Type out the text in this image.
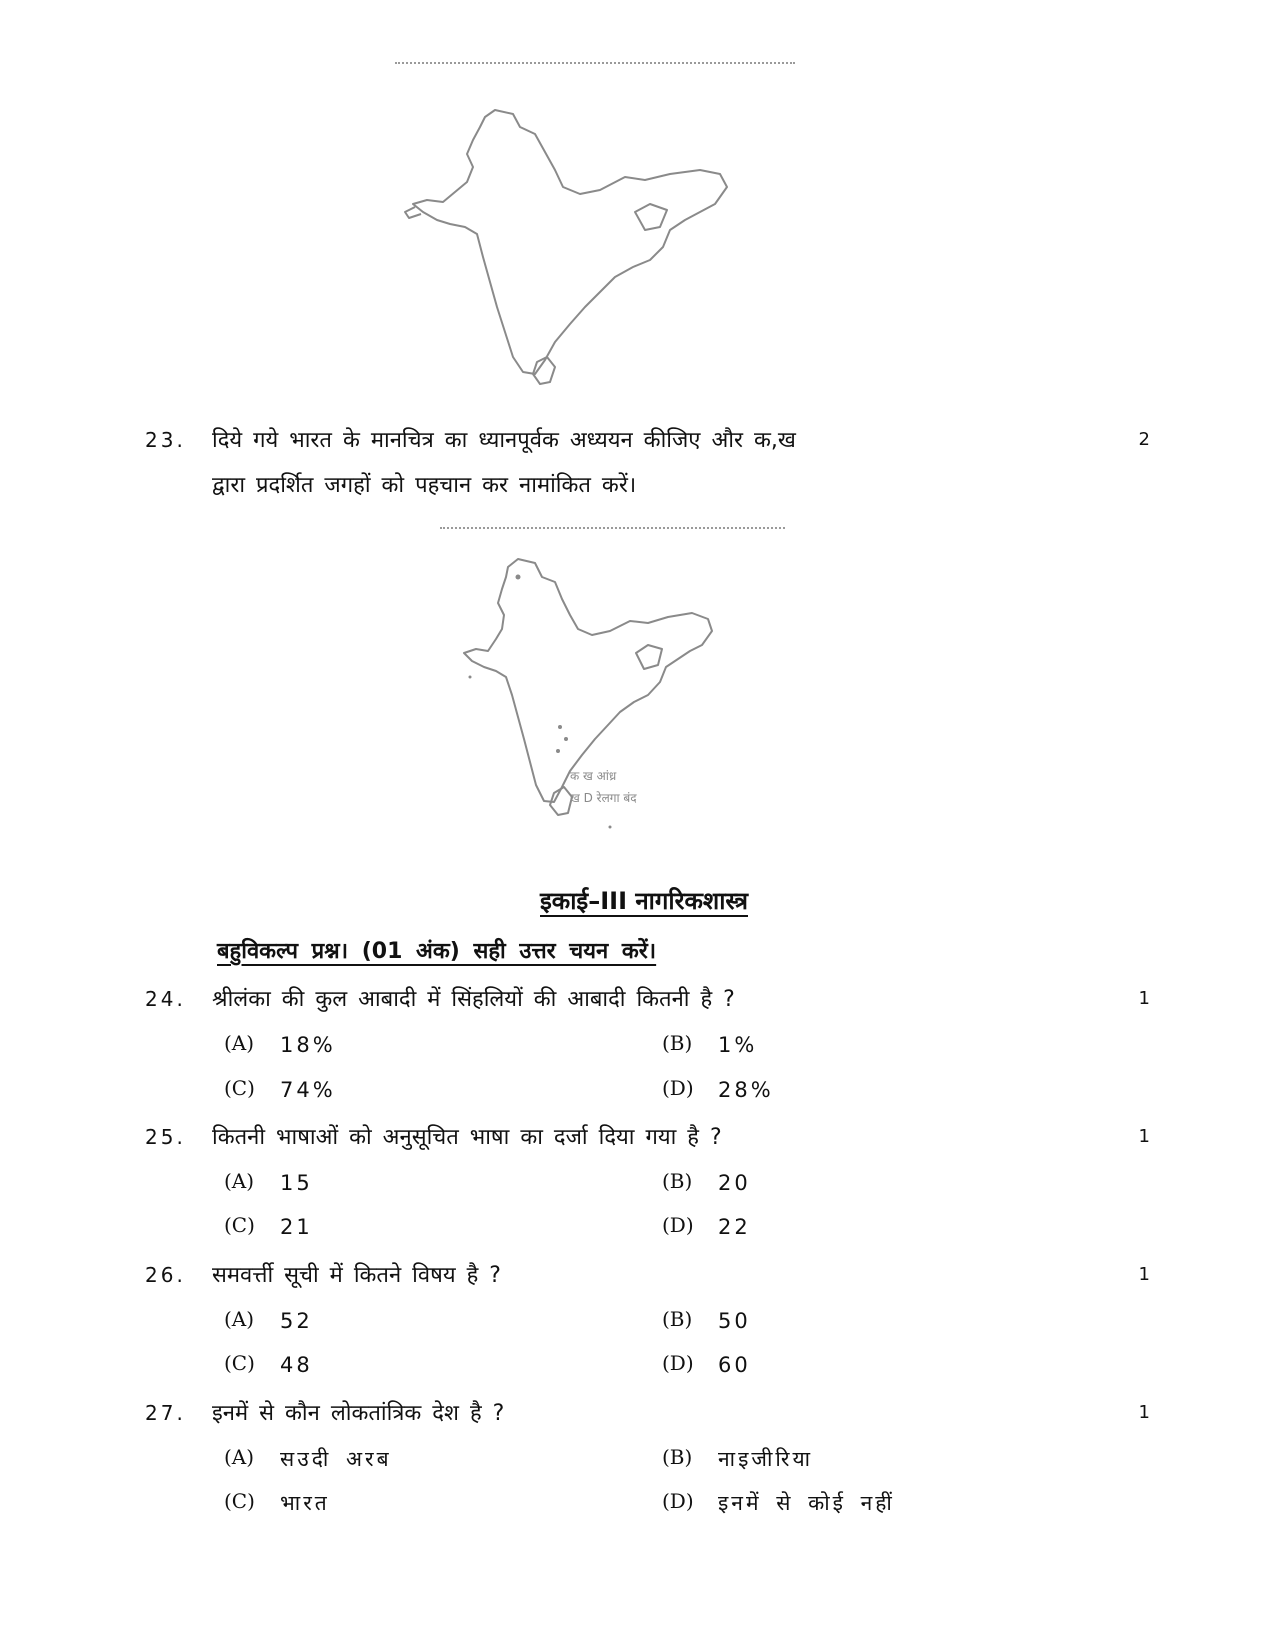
23. दिये गये भारत के मानचित्र का ध्यानपूर्वक अध्ययन कीजिए और क,ख	2
द्वारा प्रदर्शित जगहों को पहचान कर नामांकित करें।
क ख आंध्र
ख D रेलगा बंद
इकाई–III नागरिकशास्त्र
बहुविकल्प प्रश्न। (01 अंक) सही उत्तर चयन करें।
24. श्रीलंका की कुल आबादी में सिंहलियों की आबादी कितनी है ?	1
(A) 18%	(B) 1%
(C) 74%	(D) 28%
25. कितनी भाषाओं को अनुसूचित भाषा का दर्जा दिया गया है ?	1
(A) 15	(B) 20
(C) 21	(D) 22
26. समवर्त्ती सूची में कितने विषय है ?	1
(A) 52	(B) 50
(C) 48	(D) 60
27. इनमें से कौन लोकतांत्रिक देश है ?	1
(A) सउदी अरब	(B) नाइजीरिया
(C) भारत	(D) इनमें से कोई नहीं
